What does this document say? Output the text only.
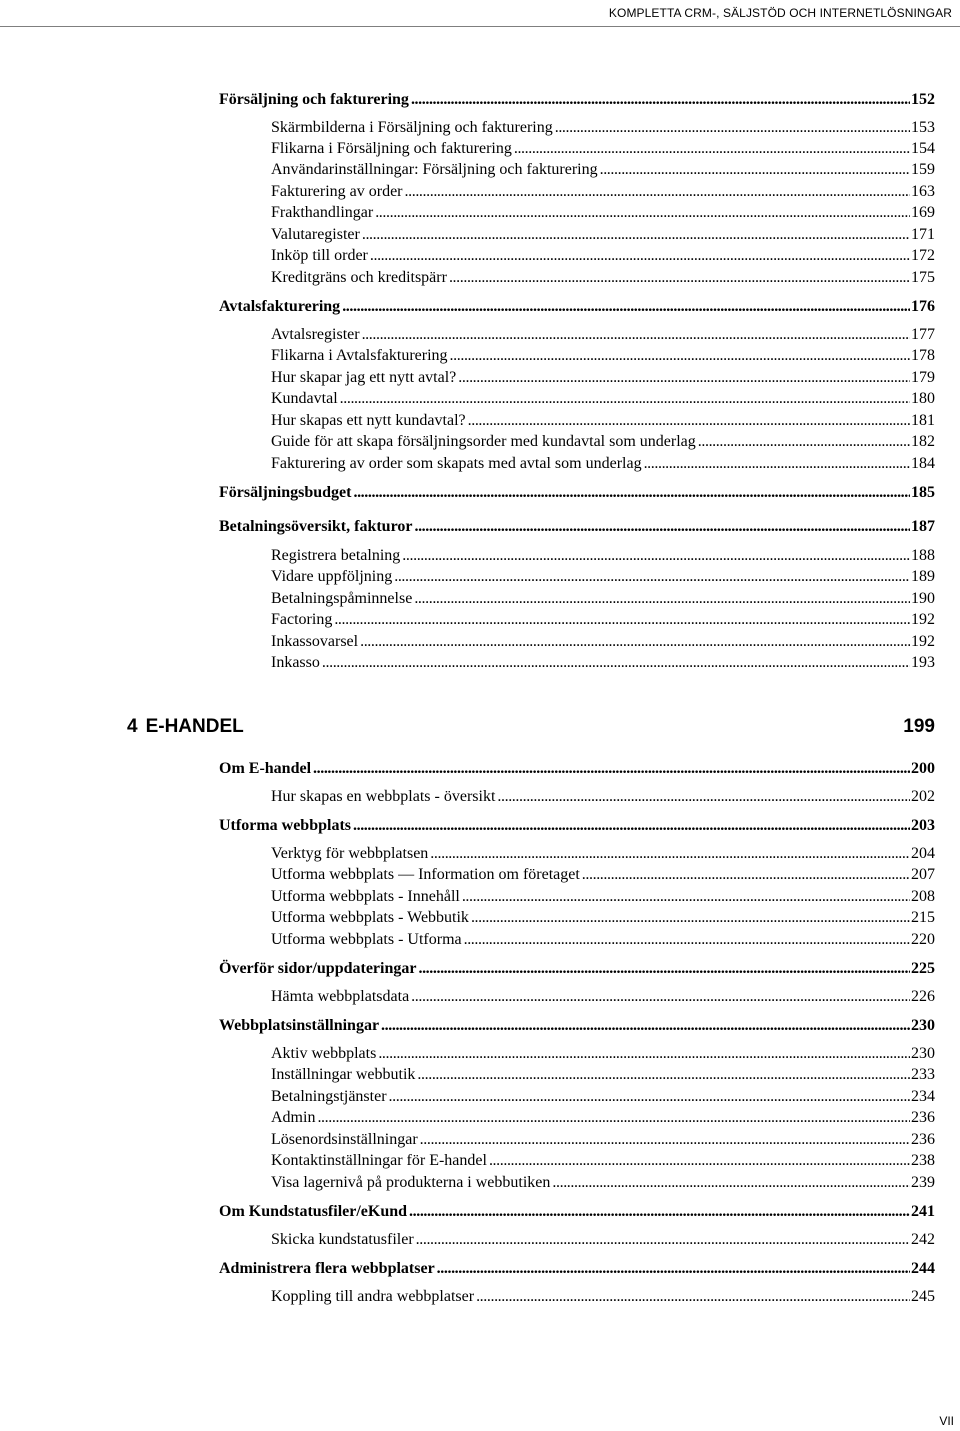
KOMPLETTA CRM-, SÄLJSTÖD OCH INTERNETLÖSNINGAR
Försäljning och fakturering . . .	152
Skärmbilderna i Försäljning och fakturering . . .	153
Flikarna i Försäljning och fakturering . . .	154
Användarinställningar: Försäljning och fakturering . . .	159
Fakturering av order . . .	163
Frakthandlingar . . .	169
Valutaregister . . .	171
Inköp till order . . .	172
Kreditgräns och kreditspärr . . .	175
Avtalsfakturering . . .	176
Avtalsregister . . .	177
Flikarna i Avtalsfakturering . . .	178
Hur skapar jag ett nytt avtal? . . .	179
Kundavtal . . .	180
Hur skapas ett nytt kundavtal? . . .	181
Guide för att skapa försäljningsorder med kundavtal som underlag . . .	182
Fakturering av order som skapats med avtal som underlag . . .	184
Försäljningsbudget . . .	185
Betalningsöversikt, fakturor . . .	187
Registrera betalning . . .	188
Vidare uppföljning . . .	189
Betalningspåminnelse . . .	190
Factoring . . .	192
Inkassovarsel . . .	192
Inkasso . . .	193
4 E-HANDEL	199
Om E-handel . . .	200
Hur skapas en webbplats - översikt . . .	202
Utforma webbplats . . .	203
Verktyg för webbplatsen . . .	204
Utforma webbplats — Information om företaget . . .	207
Utforma webbplats - Innehåll . . .	208
Utforma webbplats - Webbutik . . .	215
Utforma webbplats - Utforma . . .	220
Överför sidor/uppdateringar . . .	225
Hämta webbplatsdata . . .	226
Webbplatsinställningar . . .	230
Aktiv webbplats . . .	230
Inställningar webbutik . . .	233
Betalningstjänster . . .	234
Admin . . .	236
Lösenordsinställningar . . .	236
Kontaktinställningar för E-handel . . .	238
Visa lagernivå på produkterna i webbutiken . . .	239
Om Kundstatusfiler/eKund . . .	241
Skicka kundstatusfiler . . .	242
Administrera flera webbplatser . . .	244
Koppling till andra webbplatser . . .	245
VII
